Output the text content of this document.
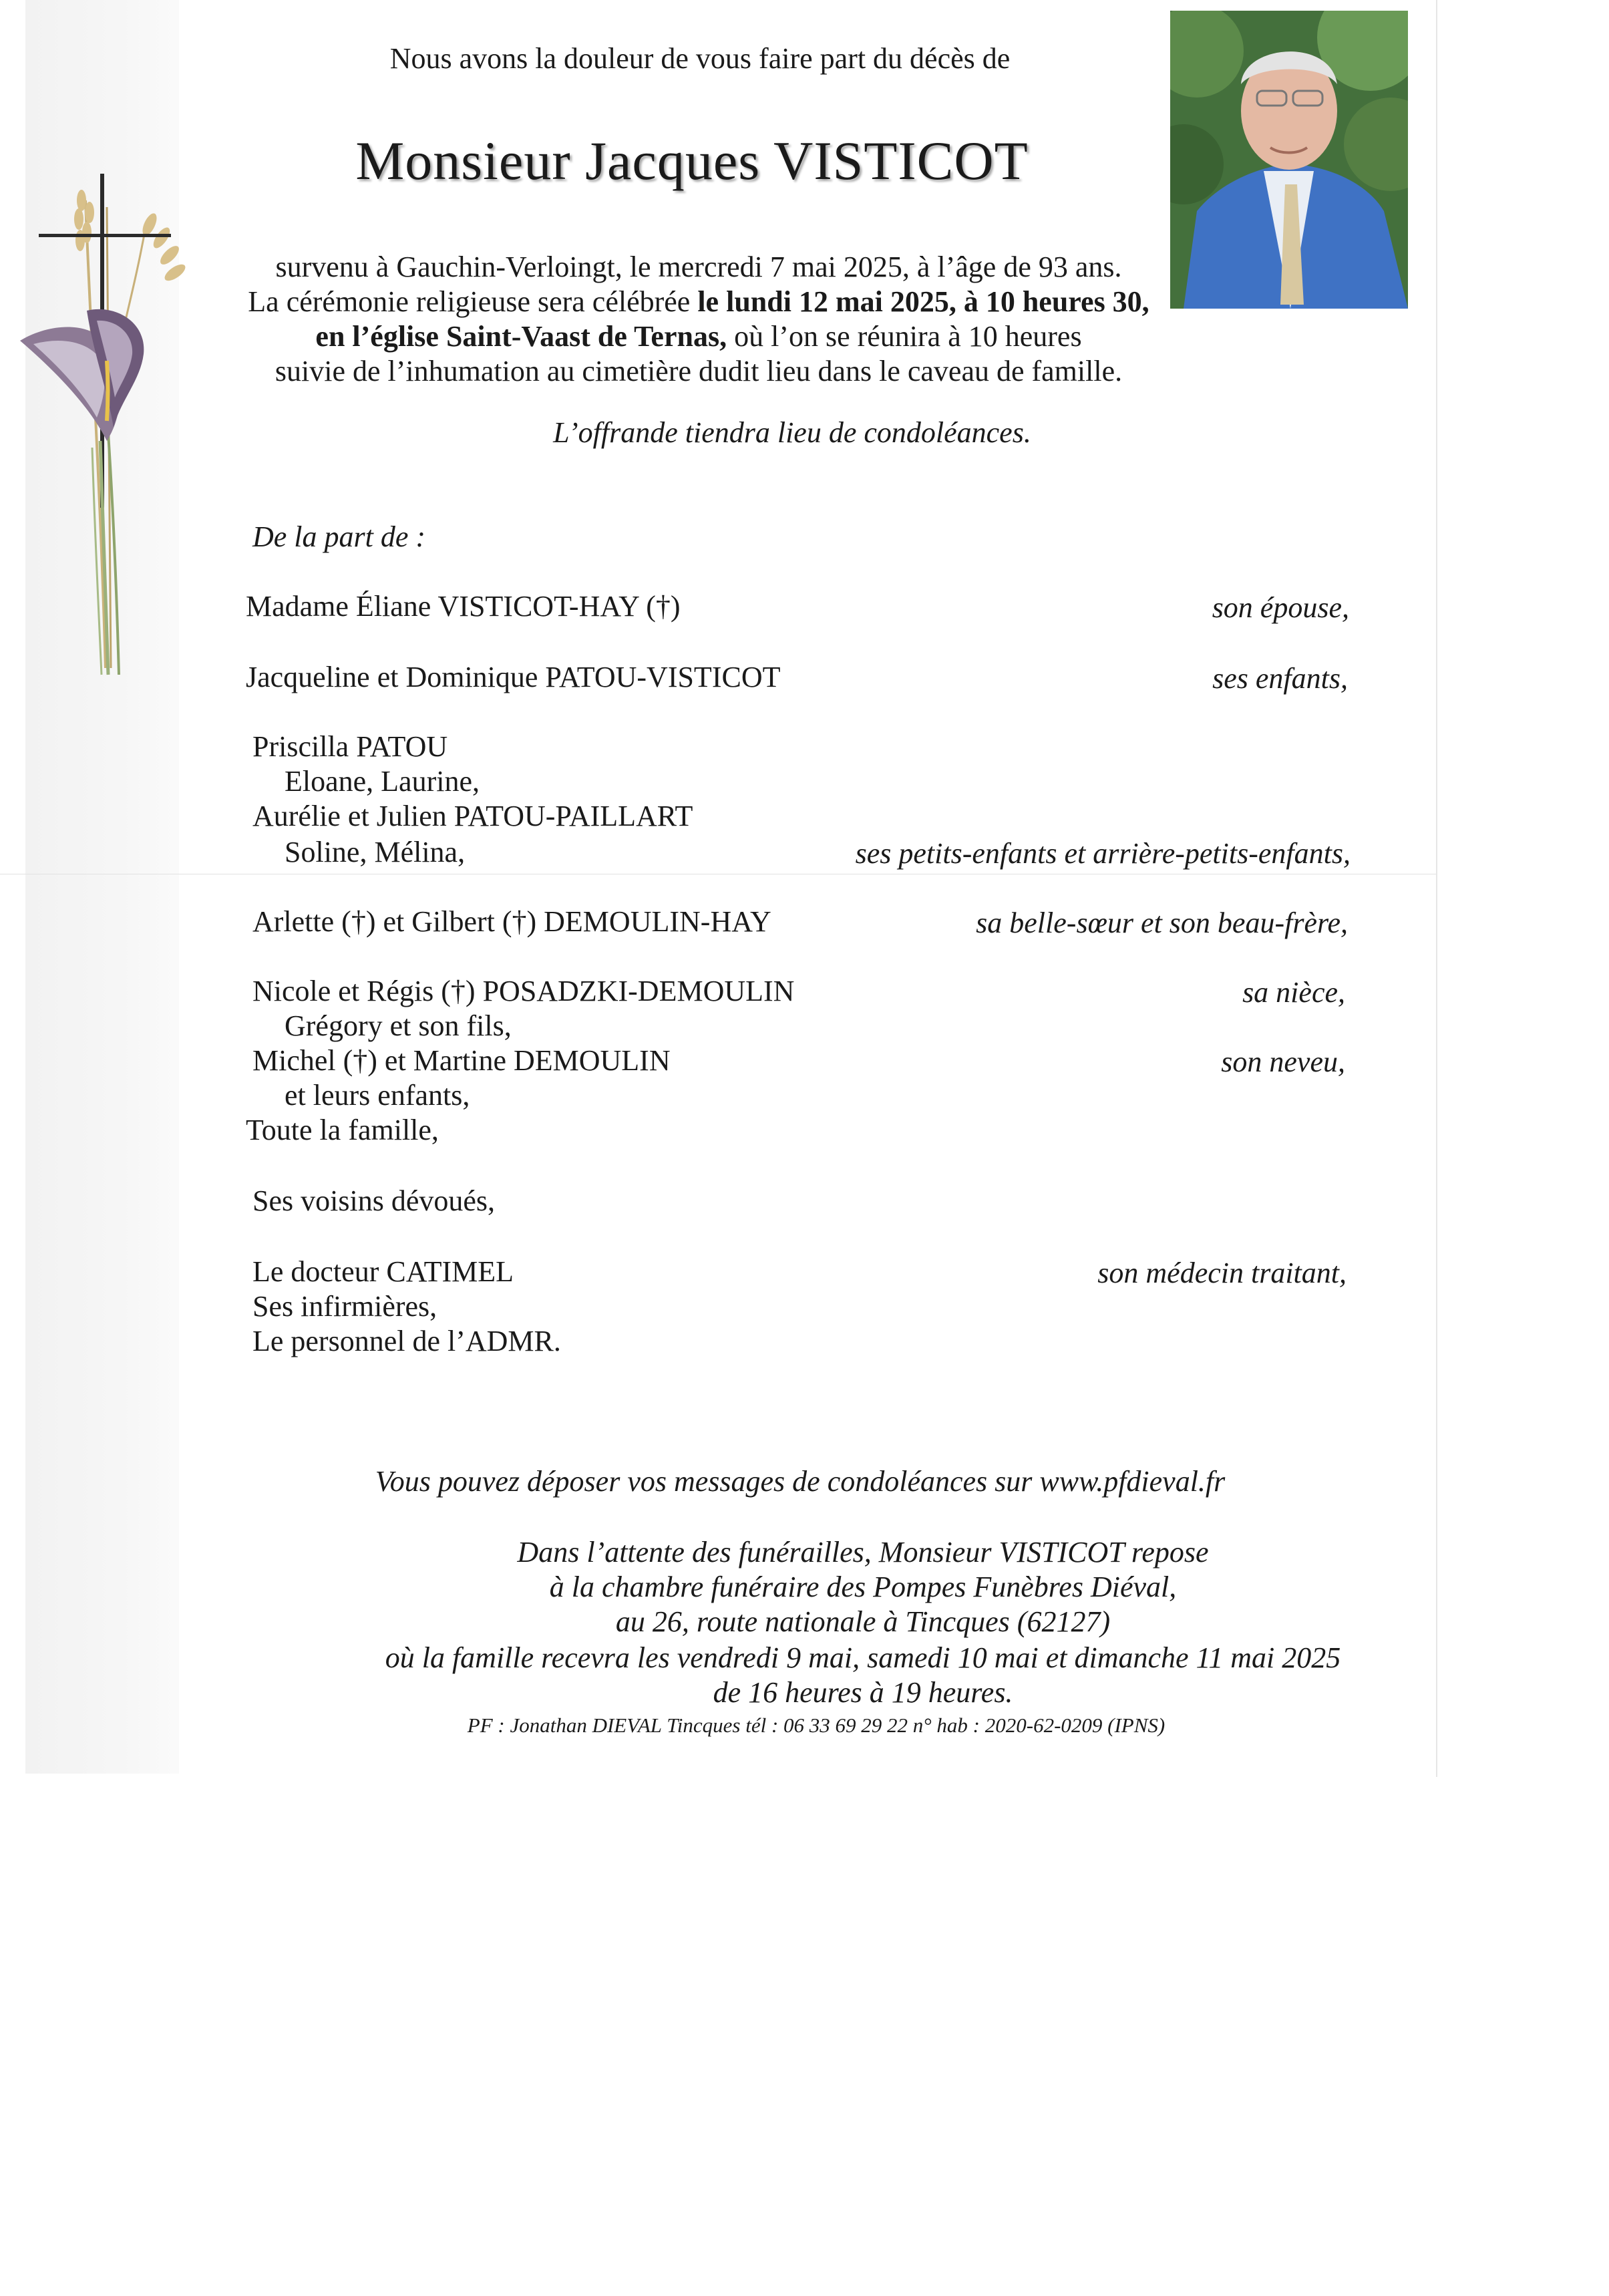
Nous avons la douleur de vous faire part du décès de
Monsieur Jacques VISTICOT
survenu à Gauchin-Verloingt, le mercredi 7 mai 2025, à l’âge de 93 ans.
La cérémonie religieuse sera célébrée le lundi 12 mai 2025, à 10 heures 30,
en l’église Saint-Vaast de Ternas, où l’on se réunira à 10 heures
suivie de l’inhumation au cimetière dudit lieu dans le caveau de famille.
L’offrande tiendra lieu de condoléances.
De la part de :
Madame Éliane VISTICOT-HAY (†)	son épouse,
Jacqueline et Dominique PATOU-VISTICOT	ses enfants,
Priscilla PATOU
Eloane, Laurine,
Aurélie et Julien PATOU-PAILLART
Soline, Mélina,	ses petits-enfants et arrière-petits-enfants,
Arlette (†) et Gilbert (†) DEMOULIN-HAY	sa belle-sœur et son beau-frère,
Nicole et Régis (†) POSADZKI-DEMOULIN	sa nièce,
Grégory et son fils,
Michel (†) et Martine DEMOULIN	son neveu,
et leurs enfants,
Toute la famille,
Ses voisins dévoués,
Le docteur CATIMEL	son médecin traitant,
Ses infirmières,
Le personnel de l’ADMR.
Vous pouvez déposer vos messages de condoléances sur www.pfdieval.fr
Dans l’attente des funérailles, Monsieur VISTICOT repose
à la chambre funéraire des Pompes Funèbres Diéval,
au 26, route nationale à Tincques (62127)
où la famille recevra les vendredi 9 mai, samedi 10 mai et dimanche 11 mai 2025
de 16 heures à 19 heures.
PF : Jonathan DIEVAL Tincques tél : 06 33 69 29 22 n° hab : 2020-62-0209 (IPNS)
